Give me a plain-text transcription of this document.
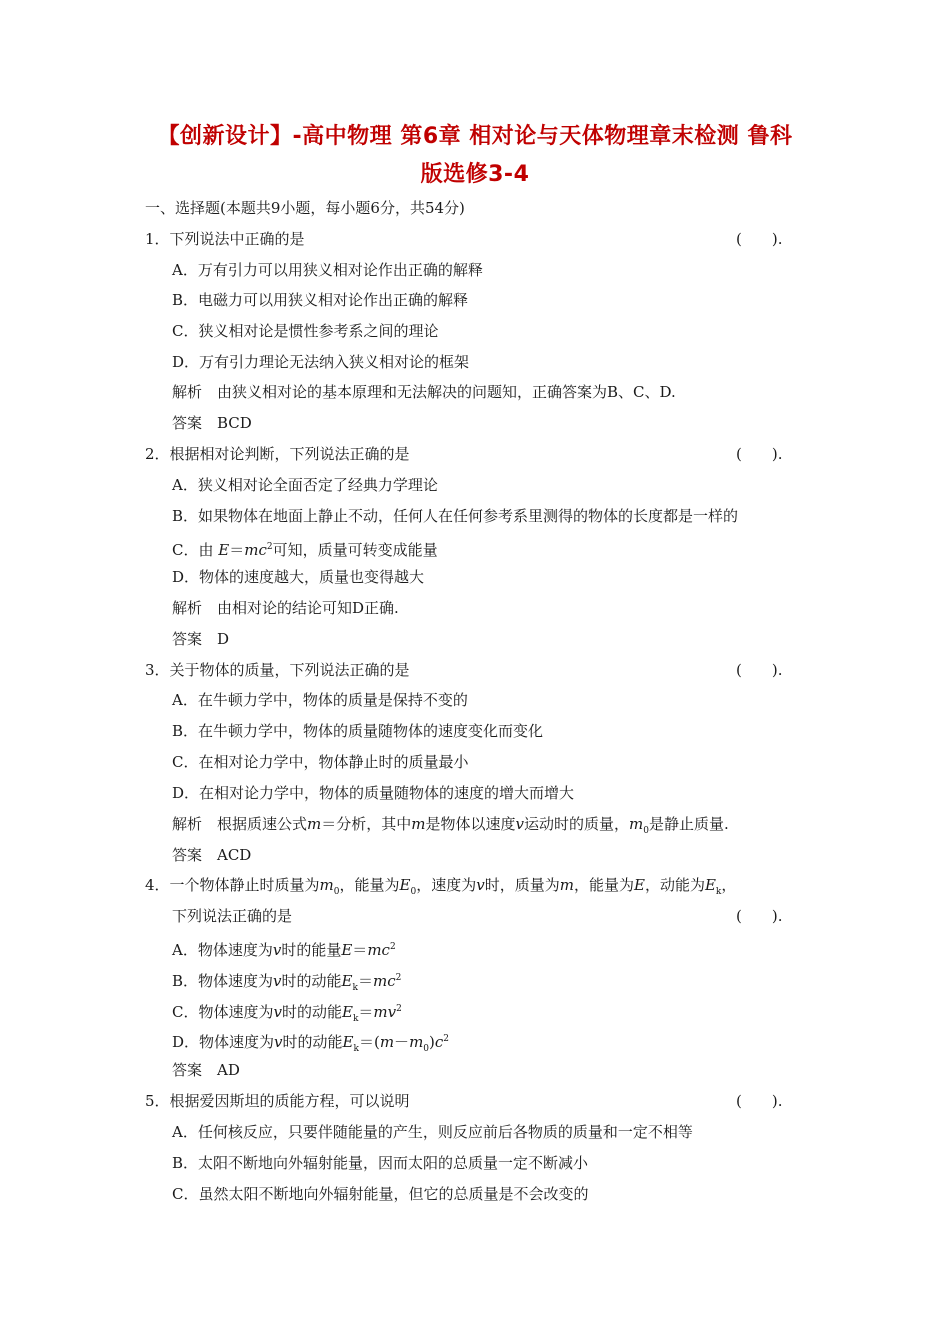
【创新设计】-高中物理 第6章 相对论与天体物理章末检测 鲁科
版选修3-4
一、选择题(本题共9小题，每小题6分，共54分)
1．下列说法中正确的是	(　　).
A．万有引力可以用狭义相对论作出正确的解释
B．电磁力可以用狭义相对论作出正确的解释
C．狭义相对论是惯性参考系之间的理论
D．万有引力理论无法纳入狭义相对论的框架
解析　由狭义相对论的基本原理和无法解决的问题知，正确答案为B、C、D.
答案　BCD
2．根据相对论判断，下列说法正确的是	(　　).
A．狭义相对论全面否定了经典力学理论
B．如果物体在地面上静止不动，任何人在任何参考系里测得的物体的长度都是一样的
C．由 $E=mc^2$可知，质量可转变成能量
D．物体的速度越大，质量也变得越大
解析　由相对论的结论可知D正确.
答案　D
3．关于物体的质量，下列说法正确的是	(　　).
A．在牛顿力学中，物体的质量是保持不变的
B．在牛顿力学中，物体的质量随物体的速度变化而变化
C．在相对论力学中，物体静止时的质量最小
D．在相对论力学中，物体的质量随物体的速度的增大而增大
解析　根据质速公式m＝分析，其中m是物体以速度v运动时的质量，$m_0$是静止质量.
答案　ACD
4．一个物体静止时质量为$m_0$，能量为$E_0$，速度为v时，质量为m，能量为E，动能为$E_k$，
下列说法正确的是	(　　).
A．物体速度为v时的能量$E=mc^2$
B．物体速度为v时的动能$E_k=mc^2$
C．物体速度为v时的动能$E_k=mv^2$
D．物体速度为v时的动能$E_k=(m-m_0)c^2$
答案　AD
5．根据爱因斯坦的质能方程，可以说明	(　　).
A．任何核反应，只要伴随能量的产生，则反应前后各物质的质量和一定不相等
B．太阳不断地向外辐射能量，因而太阳的总质量一定不断减小
C．虽然太阳不断地向外辐射能量，但它的总质量是不会改变的
